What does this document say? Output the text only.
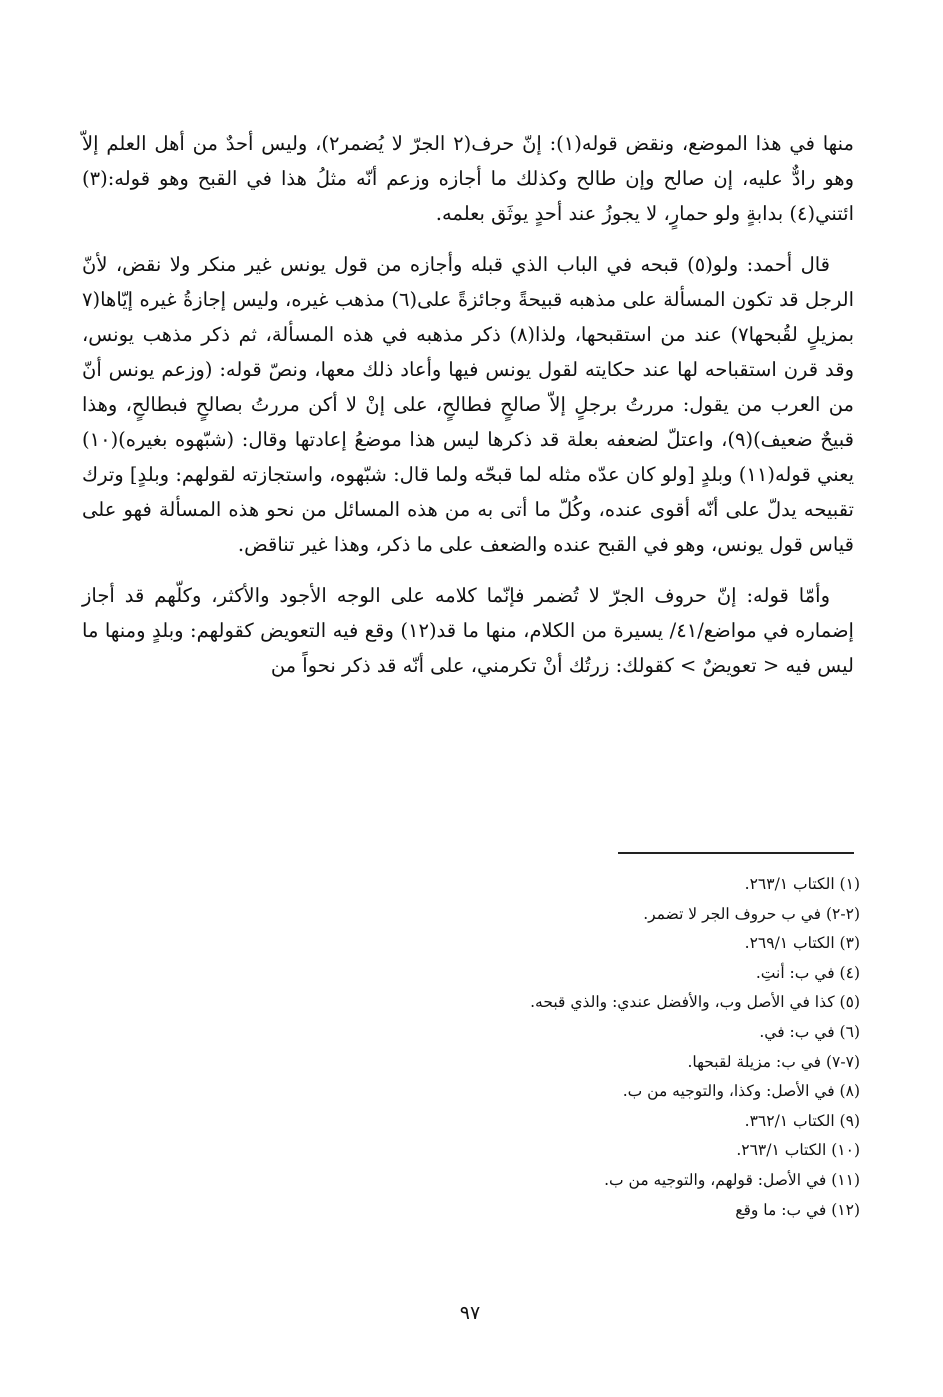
منها في هذا الموضع، ونقض قوله(١): إنّ حرف(٢ الجرّ لا يُضمر٢)، وليس أحدٌ من أهل العلم إلاّ وهو رادٌّ عليه، إن صالح وإن طالح وكذلك ما أجازه وزعم أنّه مثلُ هذا في القبح وهو قوله:(٣) ائتني(٤) بدابةٍ ولو حمارٍ، لا يجوزُ عند أحدٍ يوثَق بعلمه.

قال أحمد: ولو(٥) قبحه في الباب الذي قبله وأجازه من قول يونس غير منكر ولا نقض، لأنّ الرجل قد تكون المسألة على مذهبه قبيحةً وجائزةً على(٦) مذهب غيره، وليس إجازةُ غيره إيّاها(٧ بمزيلٍ لقُبحها٧) عند من استقبحها، ولذا(٨) ذكر مذهبه في هذه المسألة، ثم ذكر مذهب يونس، وقد قرن استقباحه لها عند حكايته لقول يونس فيها وأعاد ذلك معها، ونصّ قوله: (وزعم يونس أنّ من العرب من يقول: مررتُ برجلٍ إلاّ صالحٍ فطالحٍ، على إنْ لا أكن مررتُ بصالحٍ فبطالحٍ، وهذا قبيحٌ ضعيف)(٩)، واعتلّ لضعفه بعلة قد ذكرها ليس هذا موضعُ إعادتها وقال: (شبّهوه بغيره)(١٠) يعني قوله(١١) وبلدٍ [ولو كان عدّه مثله لما قبحّه ولما قال: شبّهوه، واستجازته لقولهم: وبلدٍ] وترك تقبيحه يدلّ على أنّه أقوى عنده، وكُلّ ما أتى به من هذه المسائل من نحو هذه المسألة فهو على قياس قول يونس، وهو في القبح عنده والضعف على ما ذكر، وهذا غير تناقض.

وأمّا قوله: إنّ حروف الجرّ لا تُضمر فإنّما كلامه على الوجه الأجود والأكثر، وكلّهم قد أجاز إضماره في مواضع/٤١/ يسيرة من الكلام، منها ما قد(١٢) وقع فيه التعويض كقولهم: وبلدٍ ومنها ما ليس فيه < تعويضٌ > كقولك: زرتُك أنْ تكرمني، على أنّه قد ذكر نحواً من

(١) الكتاب ٢٦٣/١.
(٢-٢) في ب حروف الجر لا تضمر.
(٣) الكتاب ٢٦٩/١.
(٤) في ب: أنتِ.
(٥) كذا في الأصل وب، والأفضل عندي: والذي قبحه.
(٦) في ب: في.
(٧-٧) في ب: مزيلة لقبحها.
(٨) في الأصل: وكذا، والتوجيه من ب.
(٩) الكتاب ٣٦٢/١.
(١٠) الكتاب ٢٦٣/١.
(١١) في الأصل: قولهم، والتوجيه من ب.
(١٢) في ب: ما وقع
٩٧
